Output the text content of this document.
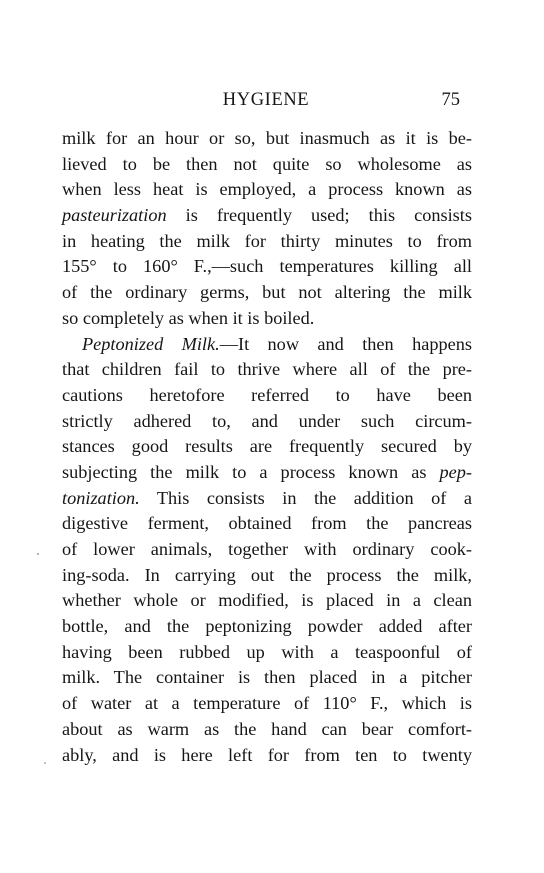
HYGIENE	75
milk for an hour or so, but inasmuch as it is be-
lieved to be then not quite so wholesome as
when less heat is employed, a process known as
pasteurization is frequently used; this consists
in heating the milk for thirty minutes to from
155° to 160° F.,—such temperatures killing all
of the ordinary germs, but not altering the milk
so completely as when it is boiled.
Peptonized Milk.—It now and then happens
that children fail to thrive where all of the pre-
cautions heretofore referred to have been
strictly adhered to, and under such circum-
stances good results are frequently secured by
subjecting the milk to a process known as pep-
tonization. This consists in the addition of a
digestive ferment, obtained from the pancreas
of lower animals, together with ordinary cook-
ing-soda. In carrying out the process the milk,
whether whole or modified, is placed in a clean
bottle, and the peptonizing powder added after
having been rubbed up with a teaspoonful of
milk. The container is then placed in a pitcher
of water at a temperature of 110° F., which is
about as warm as the hand can bear comfort-
ably, and is here left for from ten to twenty
